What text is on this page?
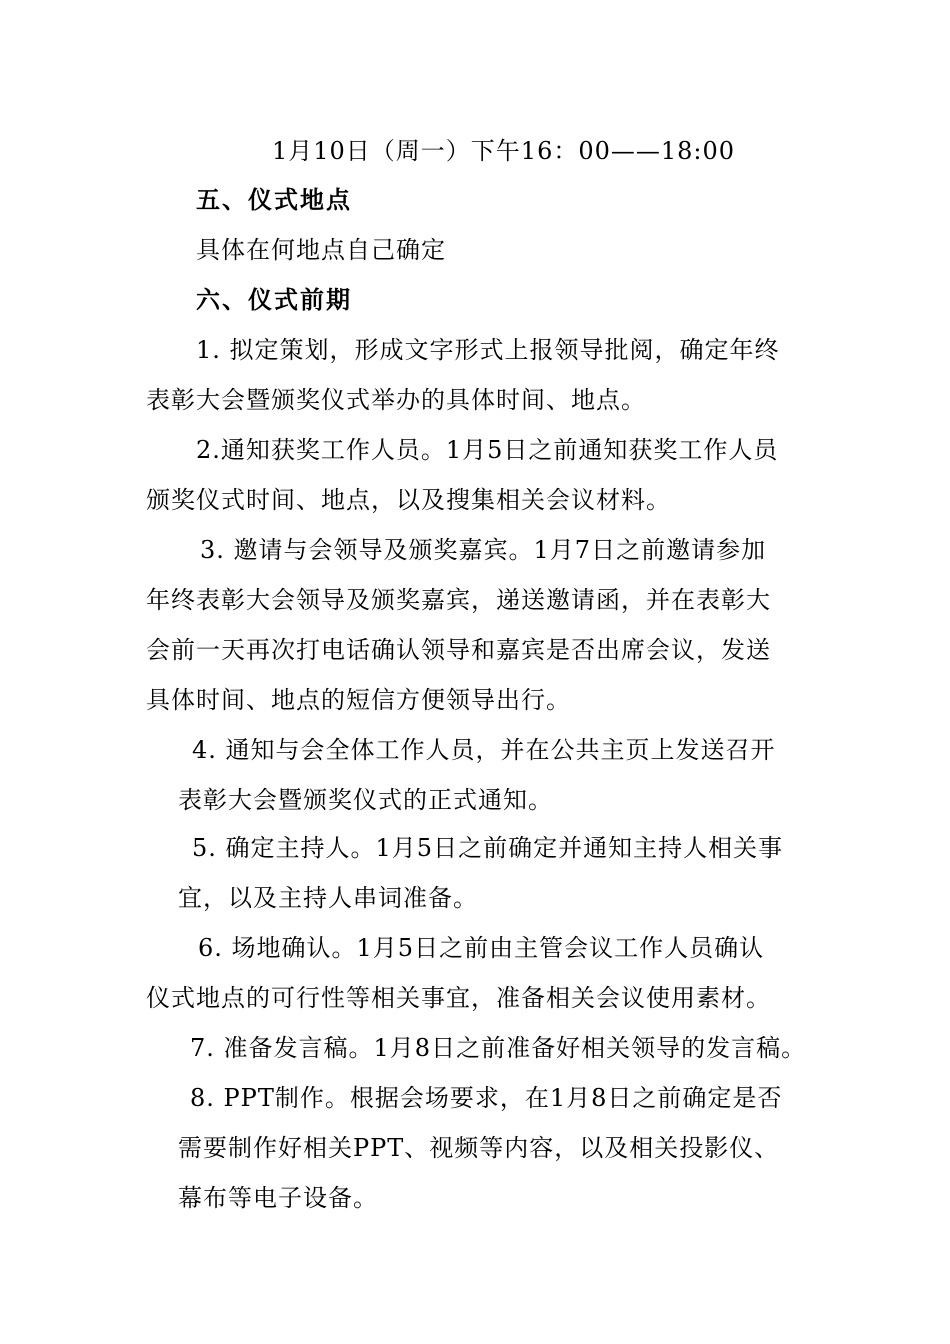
1月10日（周一）下午16：00——18:00
五、仪式地点
具体在何地点自己确定
六、仪式前期
1. 拟定策划，形成文字形式上报领导批阅，确定年终
表彰大会暨颁奖仪式举办的具体时间、地点。
2.通知获奖工作人员。1月5日之前通知获奖工作人员
颁奖仪式时间、地点，以及搜集相关会议材料。
3. 邀请与会领导及颁奖嘉宾。1月7日之前邀请参加
年终表彰大会领导及颁奖嘉宾，递送邀请函，并在表彰大
会前一天再次打电话确认领导和嘉宾是否出席会议，发送
具体时间、地点的短信方便领导出行。
4. 通知与会全体工作人员，并在公共主页上发送召开
表彰大会暨颁奖仪式的正式通知。
5. 确定主持人。1月5日之前确定并通知主持人相关事
宜，以及主持人串词准备。
6. 场地确认。1月5日之前由主管会议工作人员确认
仪式地点的可行性等相关事宜，准备相关会议使用素材。
7. 准备发言稿。1月8日之前准备好相关领导的发言稿。
8. PPT制作。根据会场要求，在1月8日之前确定是否
需要制作好相关PPT、视频等内容，以及相关投影仪、
幕布等电子设备。
